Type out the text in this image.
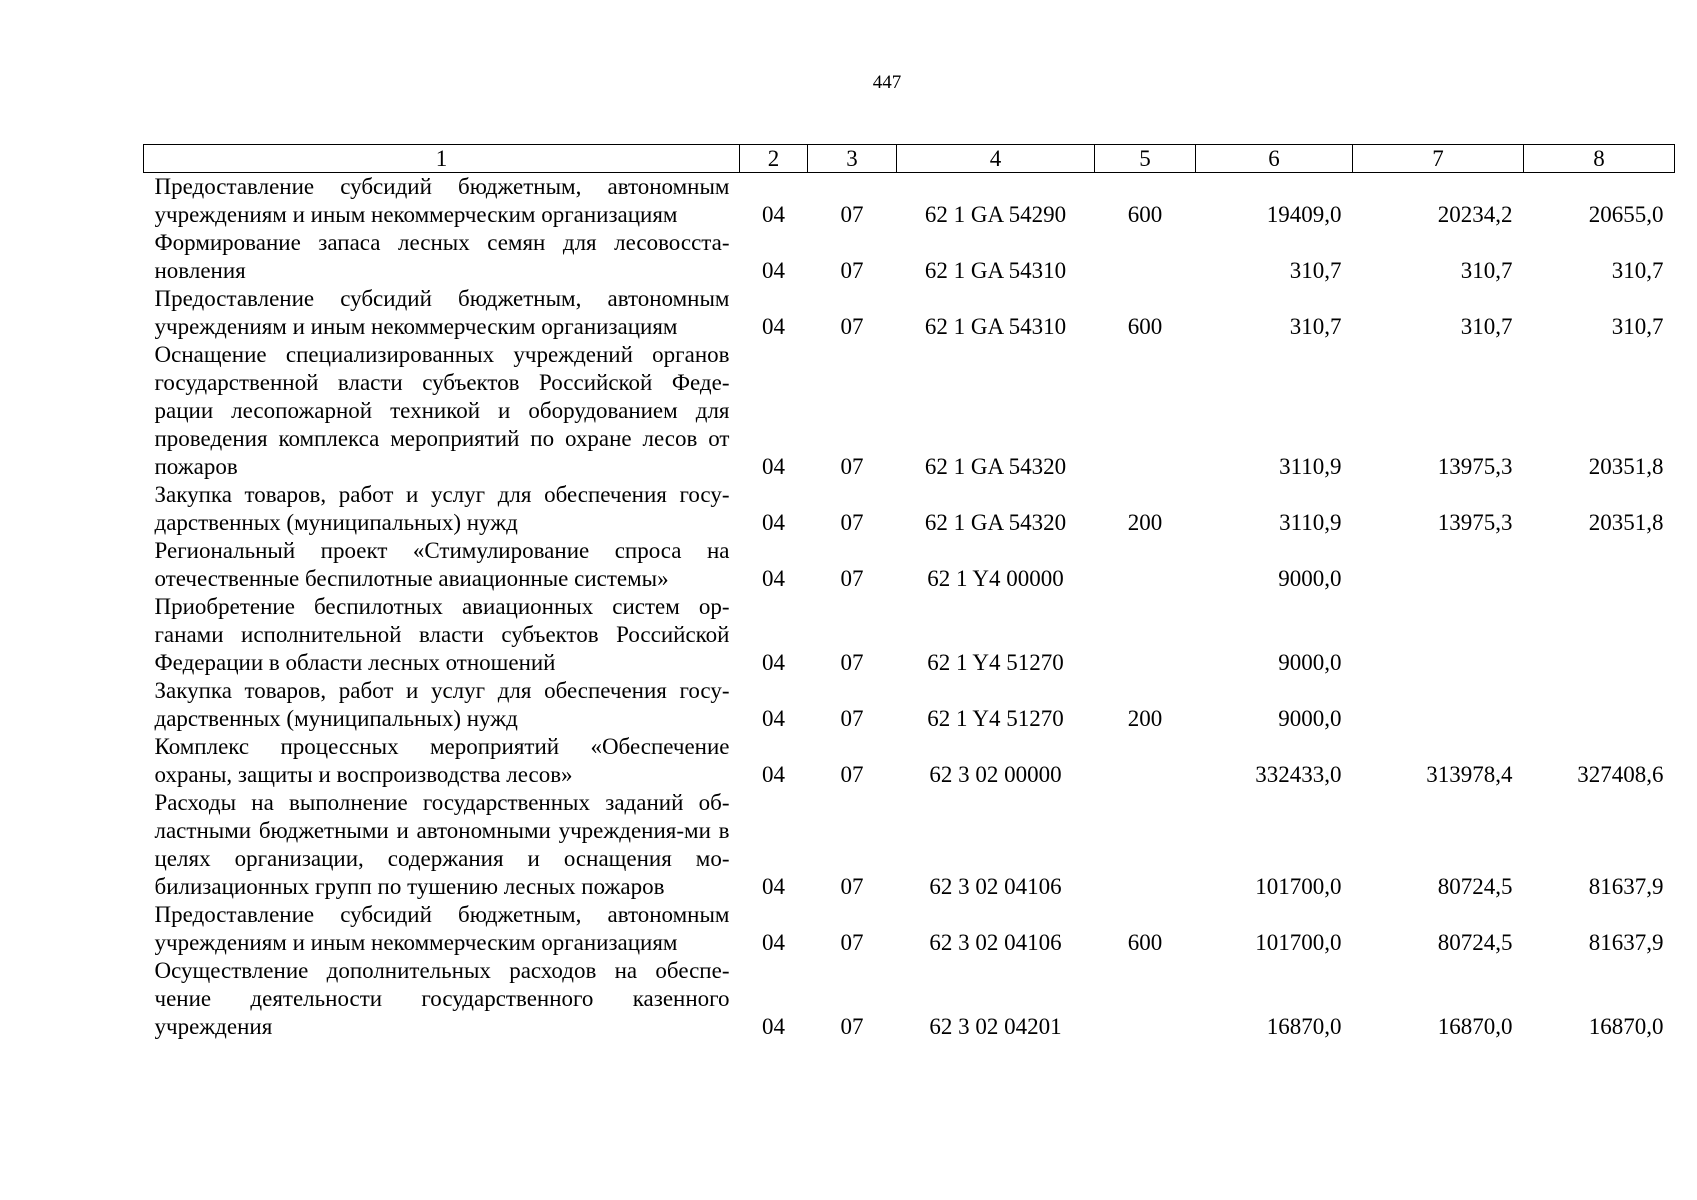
447
1	2	3	4	5	6	7	8
Предоставление субсидий бюджетным, автономным учреждениям и иным некоммерческим организациям	04	07	62 1 GA 54290	600	19409,0	20234,2	20655,0
Формирование запаса лесных семян для лесовосста-новления	04	07	62 1 GA 54310		310,7	310,7	310,7
Предоставление субсидий бюджетным, автономным учреждениям и иным некоммерческим организациям	04	07	62 1 GA 54310	600	310,7	310,7	310,7
Оснащение специализированных учреждений органов государственной власти субъектов Российской Феде-рации лесопожарной техникой и оборудованием для проведения комплекса мероприятий по охране лесов от пожаров	04	07	62 1 GA 54320		3110,9	13975,3	20351,8
Закупка товаров, работ и услуг для обеспечения госу-дарственных (муниципальных) нужд	04	07	62 1 GA 54320	200	3110,9	13975,3	20351,8
Региональный проект «Стимулирование спроса на отечественные беспилотные авиационные системы»	04	07	62 1 Y4 00000		9000,0		
Приобретение беспилотных авиационных систем ор-ганами исполнительной власти субъектов Российской Федерации в области лесных отношений	04	07	62 1 Y4 51270		9000,0		
Закупка товаров, работ и услуг для обеспечения госу-дарственных (муниципальных) нужд	04	07	62 1 Y4 51270	200	9000,0		
Комплекс процессных мероприятий «Обеспечение охраны, защиты и воспроизводства лесов»	04	07	62 3 02 00000		332433,0	313978,4	327408,6
Расходы на выполнение государственных заданий об-ластными бюджетными и автономными учреждения-ми в целях организации, содержания и оснащения мо-билизационных групп по тушению лесных пожаров	04	07	62 3 02 04106		101700,0	80724,5	81637,9
Предоставление субсидий бюджетным, автономным учреждениям и иным некоммерческим организациям	04	07	62 3 02 04106	600	101700,0	80724,5	81637,9
Осуществление дополнительных расходов на обеспе-чение деятельности государственного казенного учреждения	04	07	62 3 02 04201		16870,0	16870,0	16870,0
